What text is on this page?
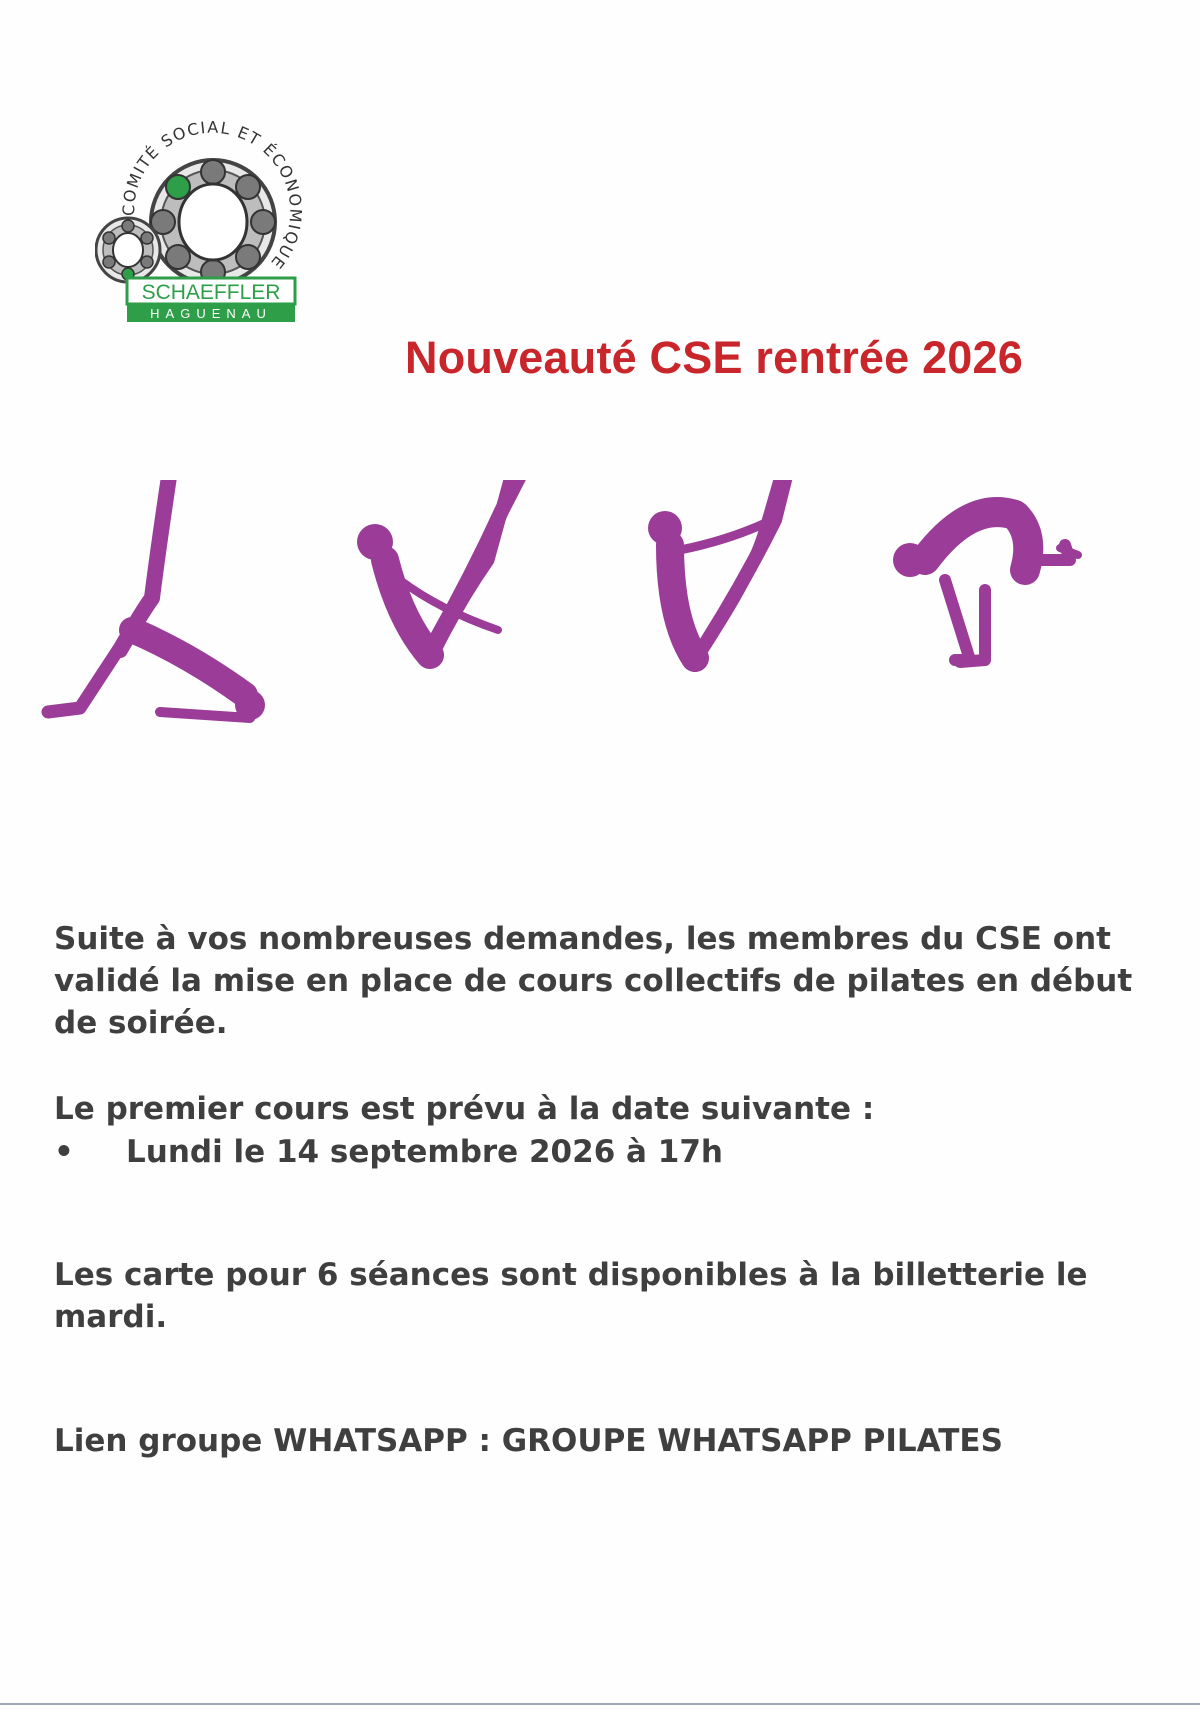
COMITÉ SOCIAL ET ÉCONOMIQUE
SCHAEFFLER
HAGUENAU
Nouveauté CSE rentrée 2026
Suite à vos nombreuses demandes, les membres du CSE ont validé la mise en place de cours collectifs de pilates en début de soirée.
Le premier cours est prévu à la date suivante :
• Lundi le 14 septembre 2026 à 17h
Les carte pour 6 séances sont disponibles à la billetterie le mardi.
Lien groupe WHATSAPP : GROUPE WHATSAPP PILATES
